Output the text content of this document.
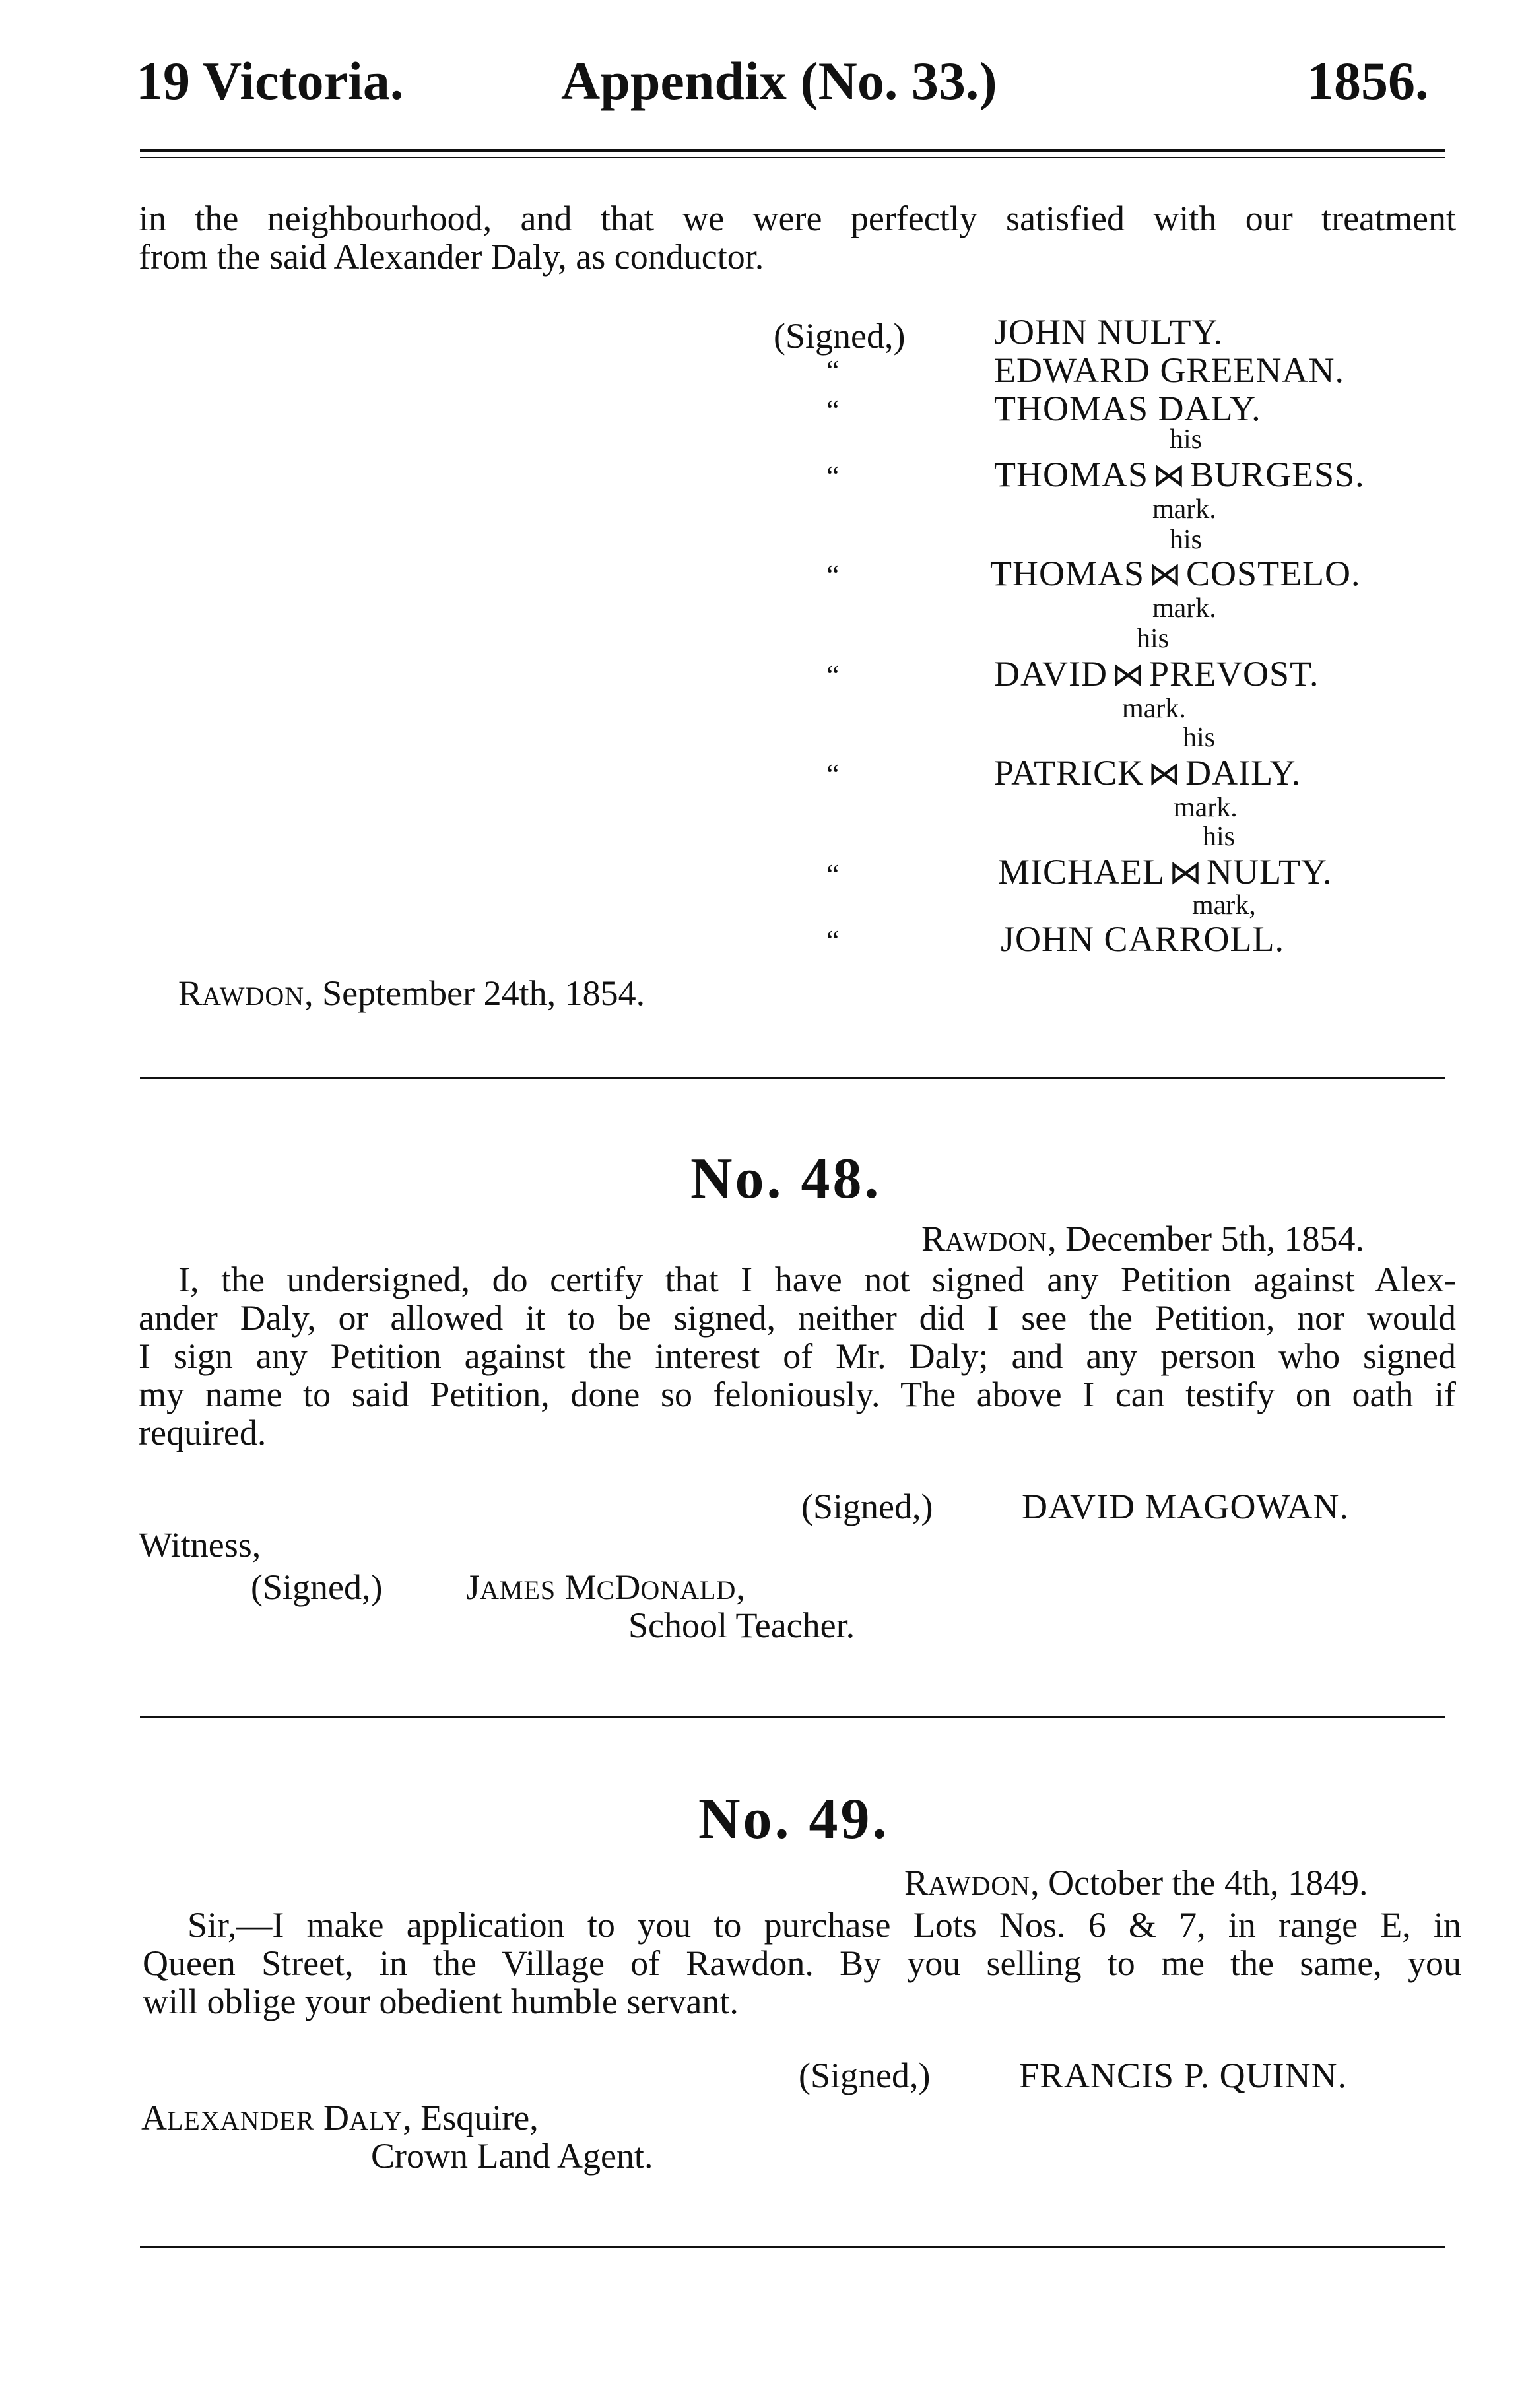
19 Victoria.	Appendix (No. 33.)	1856.
in the neighbourhood, and that we were perfectly satisfied with our treatment
from the said Alexander Daly, as conductor.
(Signed,) JOHN NULTY.
“	EDWARD GREENAN.
“	THOMAS DALY.
his
“	THOMAS ⋈ BURGESS.
mark.
his
“	THOMAS ⋈ COSTELO.
mark.
his
“	DAVID ⋈ PREVOST.
mark.
his
“	PATRICK ⋈ DAILY.
mark.
his
“	MICHAEL ⋈ NULTY.
mark,
“	JOHN CARROLL.
RAWDON, September 24th, 1854.
No. 48.
RAWDON, December 5th, 1854.
I, the undersigned, do certify that I have not signed any Petition against Alex-
ander Daly, or allowed it to be signed, neither did I see the Petition, nor would
I sign any Petition against the interest of Mr. Daly; and any person who signed
my name to said Petition, done so feloniously. The above I can testify on oath if
required.
(Signed,) DAVID MAGOWAN.
Witness,
(Signed,) JAMES MCDONALD,
School Teacher.
No. 49.
RAWDON, October the 4th, 1849.
Sir,—I make application to you to purchase Lots Nos. 6 & 7, in range E, in
Queen Street, in the Village of Rawdon. By you selling to me the same, you
will oblige your obedient humble servant.
(Signed,) FRANCIS P. QUINN.
ALEXANDER DALY, Esquire,
Crown Land Agent.
